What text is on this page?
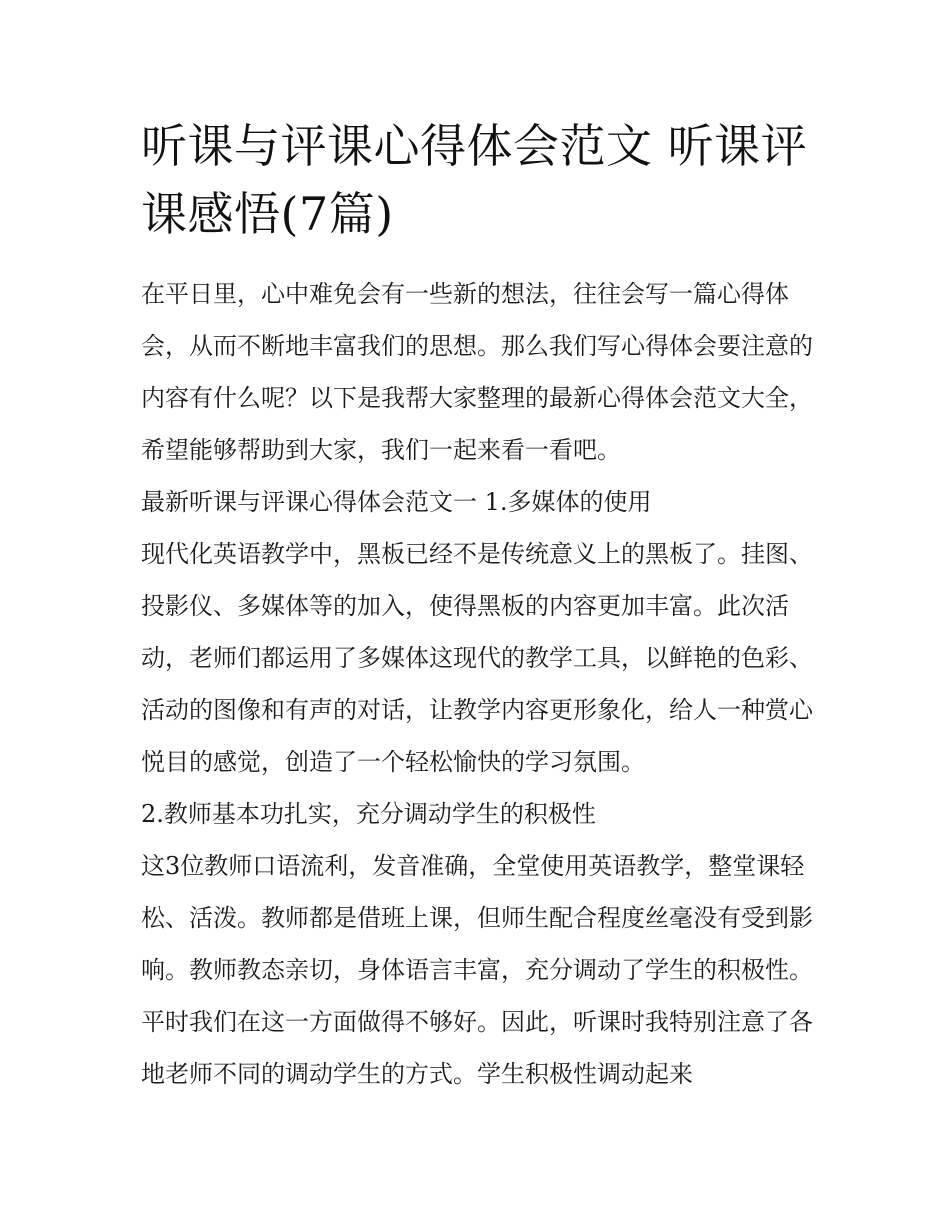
听课与评课心得体会范文 听课评课感悟(7篇)

在平日里，心中难免会有一些新的想法，往往会写一篇心得体会，从而不断地丰富我们的思想。那么我们写心得体会要注意的内容有什么呢？以下是我帮大家整理的最新心得体会范文大全，希望能够帮助到大家，我们一起来看一看吧。

最新听课与评课心得体会范文一 1.多媒体的使用

现代化英语教学中，黑板已经不是传统意义上的黑板了。挂图、投影仪、多媒体等的加入，使得黑板的内容更加丰富。此次活动，老师们都运用了多媒体这现代的教学工具，以鲜艳的色彩、活动的图像和有声的对话，让教学内容更形象化，给人一种赏心悦目的感觉，创造了一个轻松愉快的学习氛围。

2.教师基本功扎实，充分调动学生的积极性

这3位教师口语流利，发音准确，全堂使用英语教学，整堂课轻松、活泼。教师都是借班上课，但师生配合程度丝毫没有受到影响。教师教态亲切，身体语言丰富，充分调动了学生的积极性。平时我们在这一方面做得不够好。因此，听课时我特别注意了各地老师不同的调动学生的方式。学生积极性调动起来
